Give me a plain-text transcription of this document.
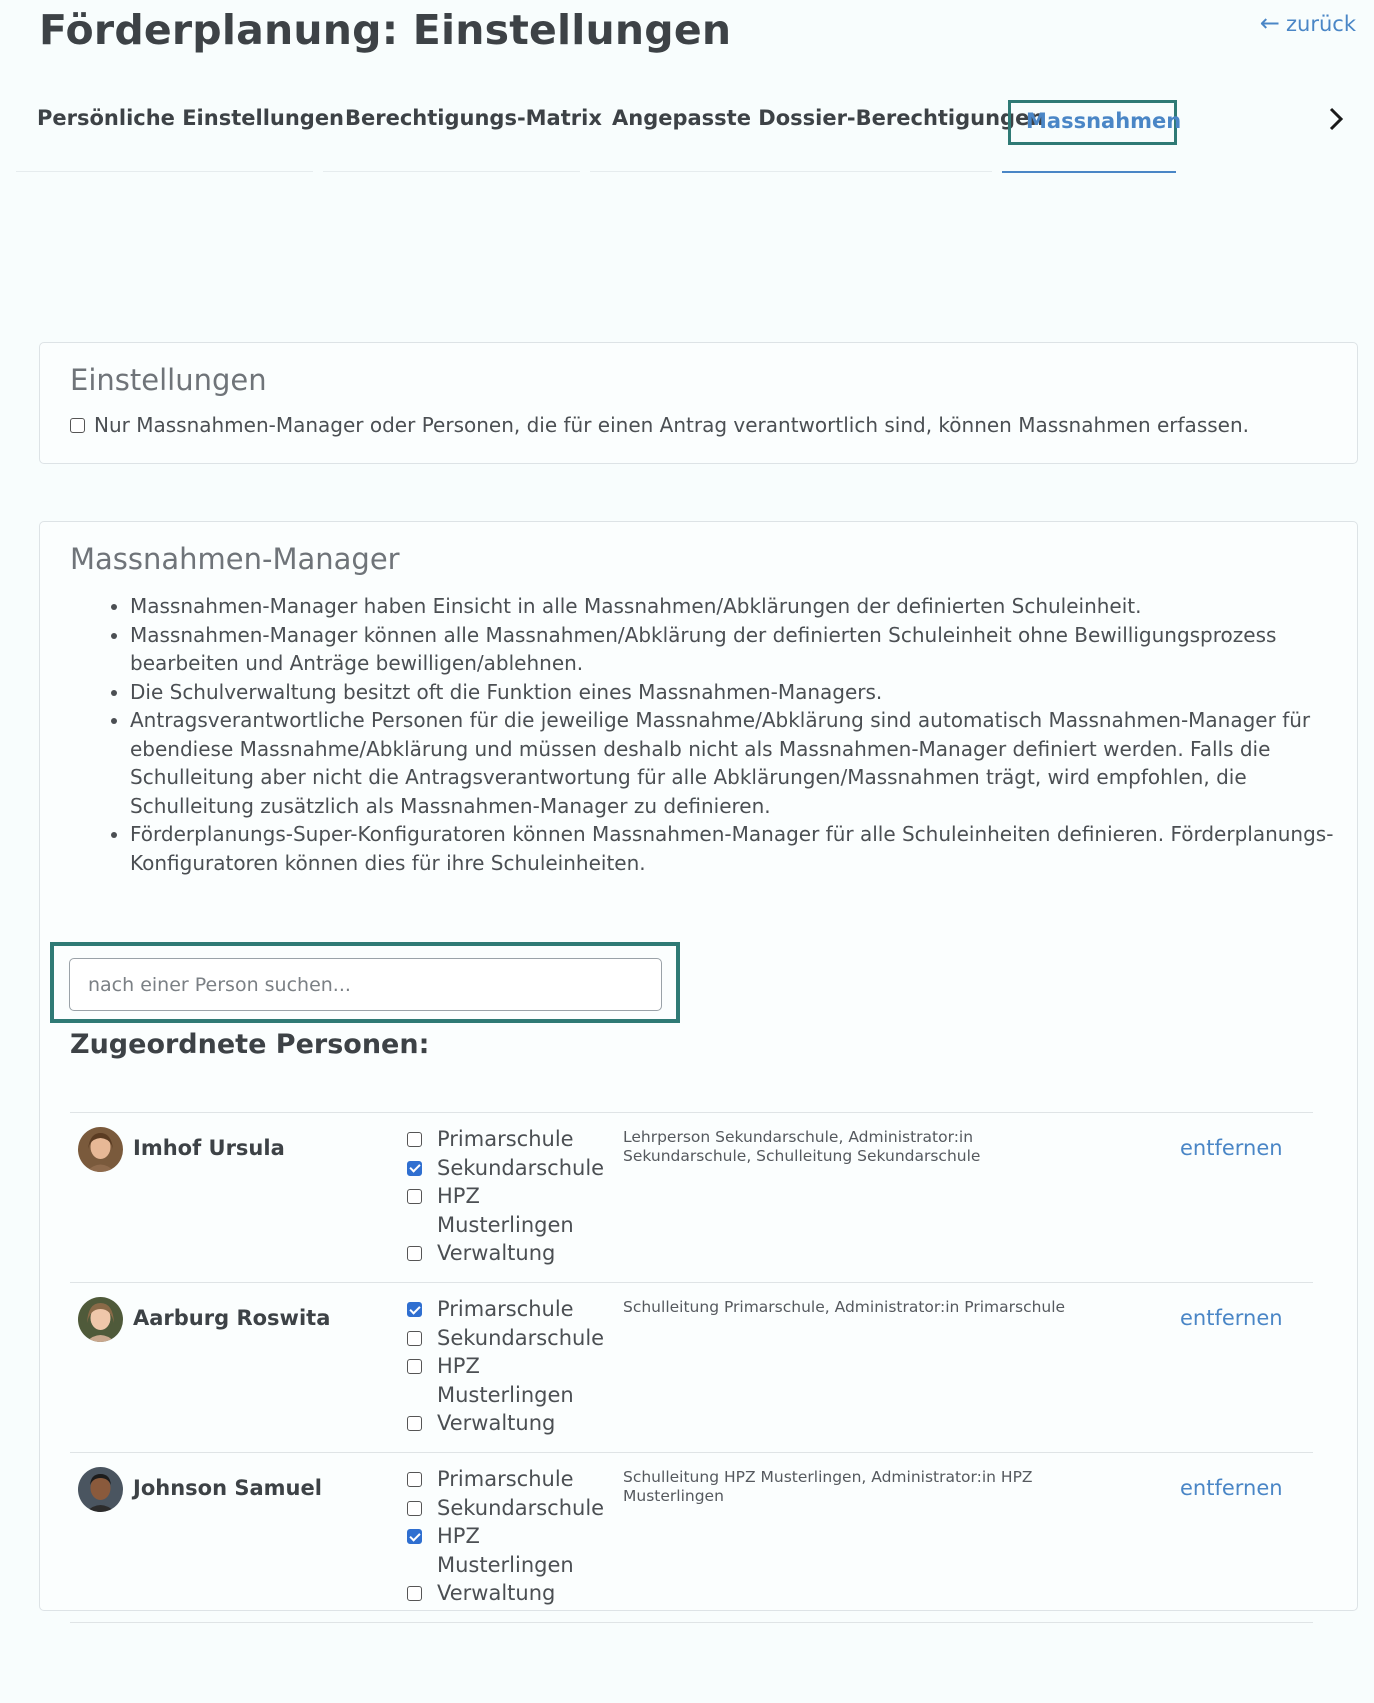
Förderplanung: Einstellungen	← zurück
Persönliche Einstellungen Berechtigungs-Matrix Angepasste Dossier-Berechtigungen
Massnahmen
Einstellungen
Nur Massnahmen-Manager oder Personen, die für einen Antrag verantwortlich sind, können Massnahmen erfassen.
Massnahmen-Manager
• Massnahmen-Manager haben Einsicht in alle Massnahmen/Abklärungen der definierten Schuleinheit.
• Massnahmen-Manager können alle Massnahmen/Abklärung der definierten Schuleinheit ohne Bewilligungsprozess bearbeiten und Anträge bewilligen/ablehnen.
• Die Schulverwaltung besitzt oft die Funktion eines Massnahmen-Managers.
• Antragsverantwortliche Personen für die jeweilige Massnahme/Abklärung sind automatisch Massnahmen-Manager für ebendiese Massnahme/Abklärung und müssen deshalb nicht als Massnahmen-Manager definiert werden. Falls die Schulleitung aber nicht die Antragsverantwortung für alle Abklärungen/Massnahmen trägt, wird empfohlen, die Schulleitung zusätzlich als Massnahmen-Manager zu definieren.
• Förderplanungs-Super-Konfiguratoren können Massnahmen-Manager für alle Schuleinheiten definieren. Förderplanungs-Konfiguratoren können dies für ihre Schuleinheiten.
nach einer Person suchen...
Zugeordnete Personen:
Imhof Ursula	Primarschule
Sekundarschule
HPZ Musterlingen
Verwaltung
Lehrperson Sekundarschule, Administrator:in Sekundarschule, Schulleitung Sekundarschule	entfernen
Aarburg Roswita	Primarschule
Sekundarschule
HPZ Musterlingen
Verwaltung
Schulleitung Primarschule, Administrator:in Primarschule	entfernen
Johnson Samuel	Primarschule
Sekundarschule
HPZ Musterlingen
Verwaltung
Schulleitung HPZ Musterlingen, Administrator:in HPZ Musterlingen	entfernen
